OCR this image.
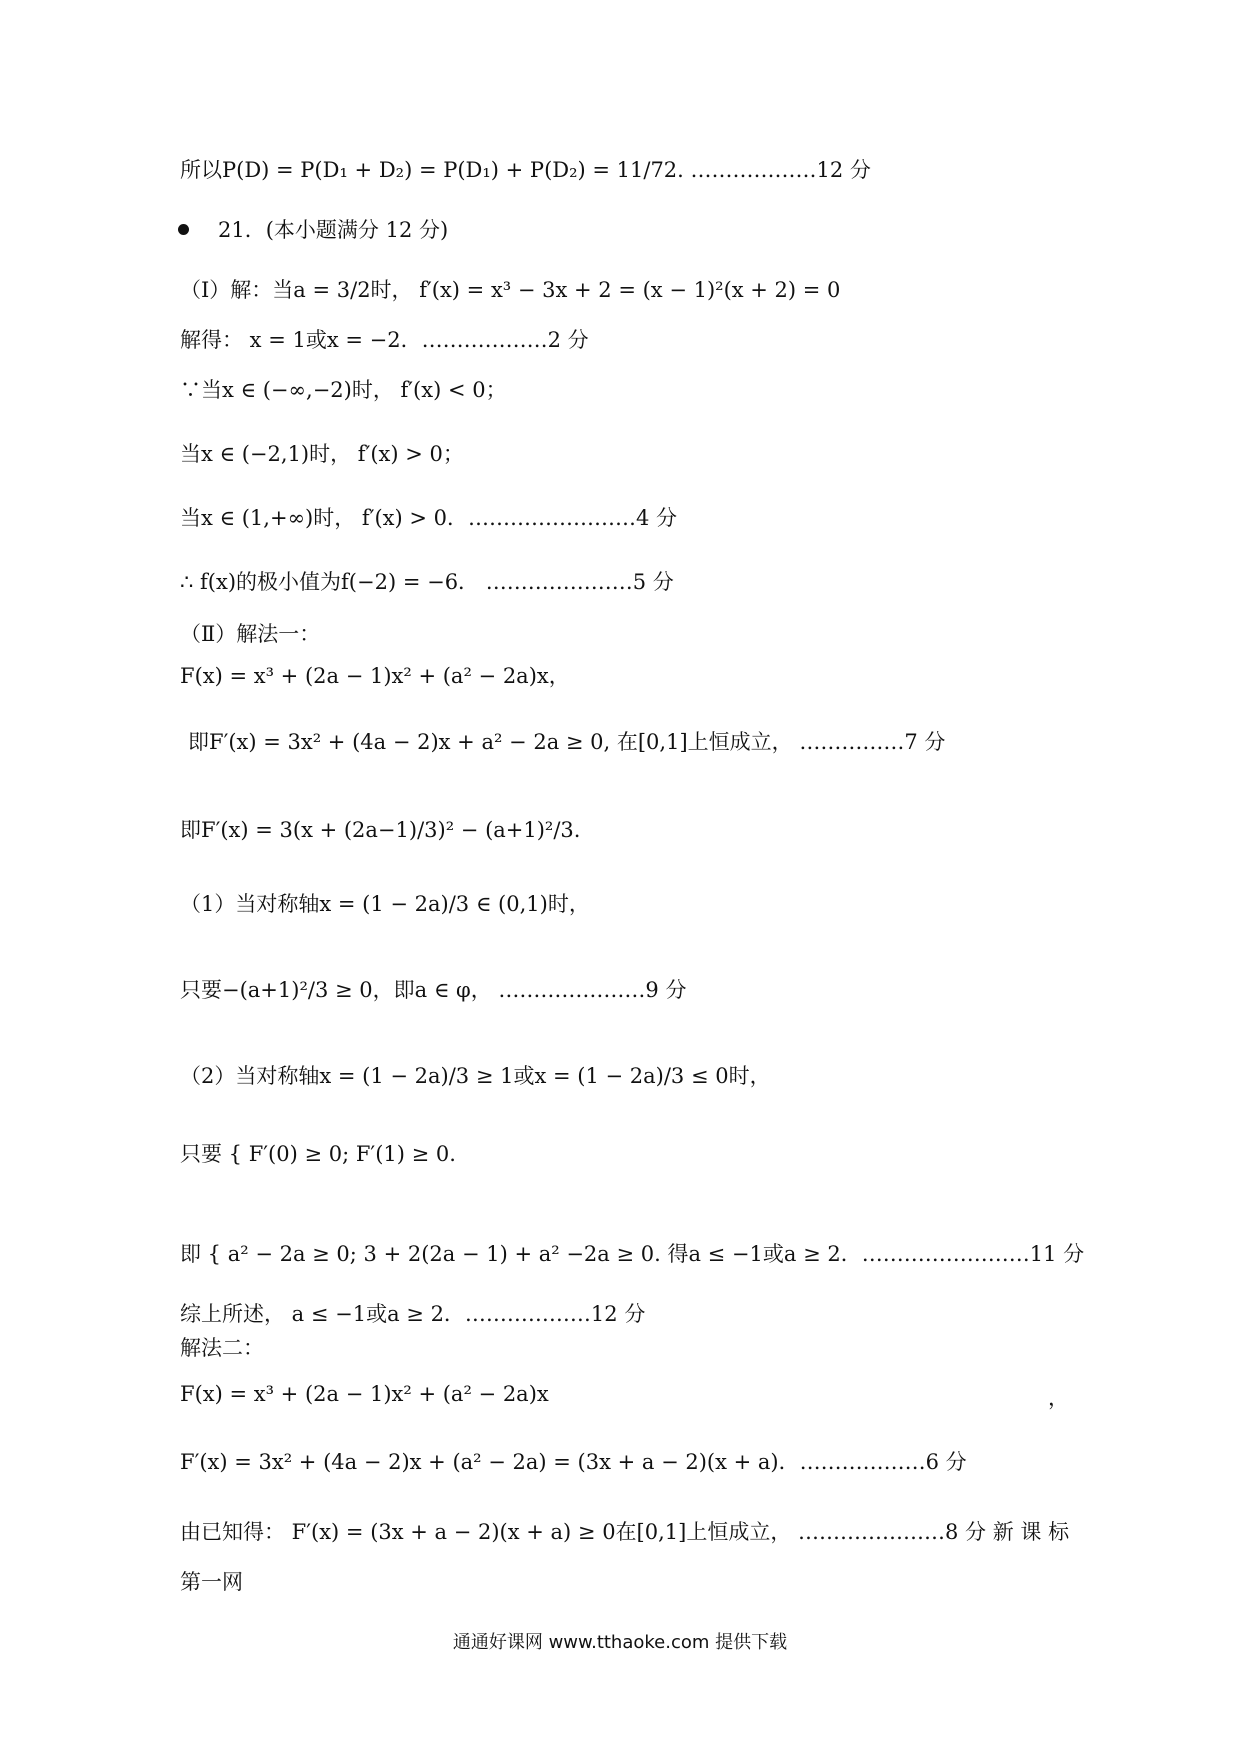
所以P(D) = P(D₁ + D₂) = P(D₁) + P(D₂) = 11/72. ………………12 分
21．(本小题满分 12 分)
（Ⅰ）解：当a = 3/2时， f′(x) = x³ − 3x + 2 = (x − 1)²(x + 2) = 0
解得： x = 1或x = −2．………………2 分
∵当x ∈ (−∞,−2)时， f′(x) < 0；
当x ∈ (−2,1)时， f′(x) > 0；
当x ∈ (1,+∞)时， f′(x) > 0．……………………4 分
∴ f(x)的极小值为f(−2) = −6． …………………5 分
（Ⅱ）解法一：
F(x) = x³ + (2a − 1)x² + (a² − 2a)x，
即F′(x) = 3x² + (4a − 2)x + a² − 2a ≥ 0, 在[0,1]上恒成立， ……………7 分
即F′(x) = 3(x + (2a−1)/3)² − (a+1)²/3.
（1）当对称轴x = (1 − 2a)/3 ∈ (0,1)时，
只要−(a+1)²/3 ≥ 0，即a ∈ φ， …………………9 分
（2）当对称轴x = (1 − 2a)/3 ≥ 1或x = (1 − 2a)/3 ≤ 0时，
只要 { F′(0) ≥ 0; F′(1) ≥ 0.
即 { a² − 2a ≥ 0; 3 + 2(2a − 1) + a² −2a ≥ 0. 得a ≤ −1或a ≥ 2．……………………11 分
综上所述， a ≤ −1或a ≥ 2．………………12 分
解法二：
F(x) = x³ + (2a − 1)x² + (a² − 2a)x	，
F′(x) = 3x² + (4a − 2)x + (a² − 2a) = (3x + a − 2)(x + a)．………………6 分
由已知得： F′(x) = (3x + a − 2)(x + a) ≥ 0在[0,1]上恒成立， …………………8 分 新 课 标
第一网
通通好课网 www.tthaoke.com 提供下载
